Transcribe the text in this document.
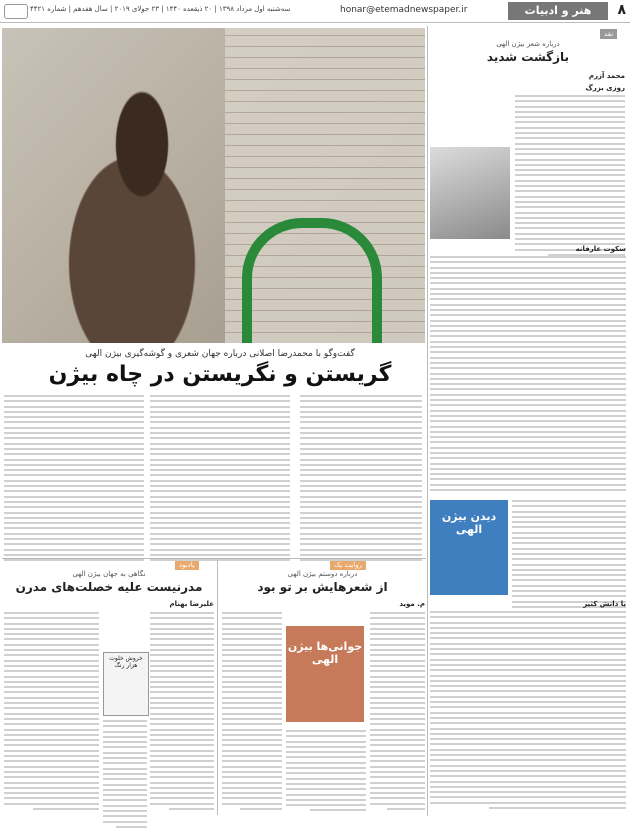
۸
هنر و ادبیات
honar@etemadnewspaper.ir
سه‌شنبه اول مرداد ۱۳۹۸ | ۲۰ ذیقعده ۱۴۴۰ | ۲۳ جولای ۲۰۱۹ | سال هفدهم | شماره ۴۴۲۱
نقد
روایت یک
یادبود
گفت‌وگو با محمدرضا اصلانی درباره جهان شعری و گوشه‌گیری بیژن الهی
گریستن و نگریستن در چاه بیژن
درباره شعر بیژن الهی
بازگشت شدید
محمد آزرم
روزی بزرگ
سکوت عارفانه
با دانش کثیر
دیدن بیژن الهی
درباره دوستم بیژن الهی
از شعرهایش بر تو بود
م. موید
جوانی‌ها بیژن الهی
نگاهی به جهان بیژن الهی
مدرنیست علیه خصلت‌های مدرن
علیرضا بهنام
خروش خلوت هزار رنگ
